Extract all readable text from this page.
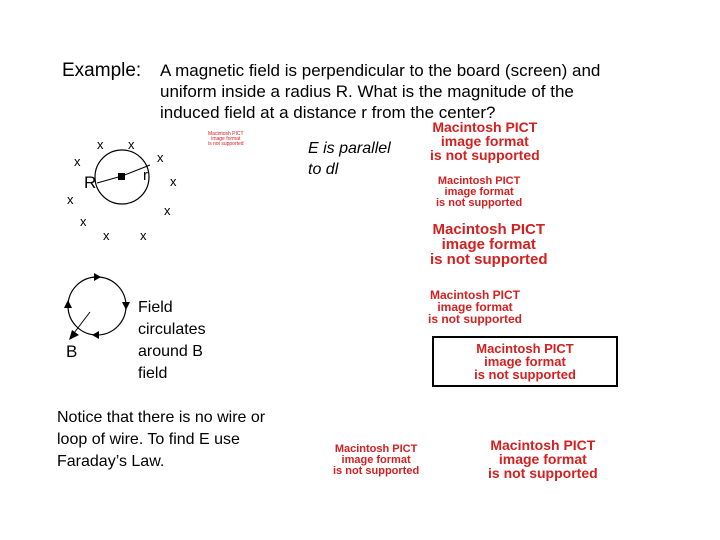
Example: A magnetic field is perpendicular to the board (screen) and
uniform inside a radius R. What is the magnitude of the
induced field at a distance r from the center?
x x
x	x
x
x
x
x
x x
R	r
B
E is parallel
to dl
Field
circulates
around B
field
Notice that there is no wire or loop of wire. To find E use Faraday’s Law.
Macintosh PICT
image format
is not supported
Macintosh PICT
image format
is not supported
Macintosh PICT
image format
is not supported
Macintosh PICT
image format
is not supported
Macintosh PICT
image format
is not supported
Macintosh PICT
image format
is not supported
Macintosh PICT
image format
is not supported
Macintosh PICT
image format
is not supported
